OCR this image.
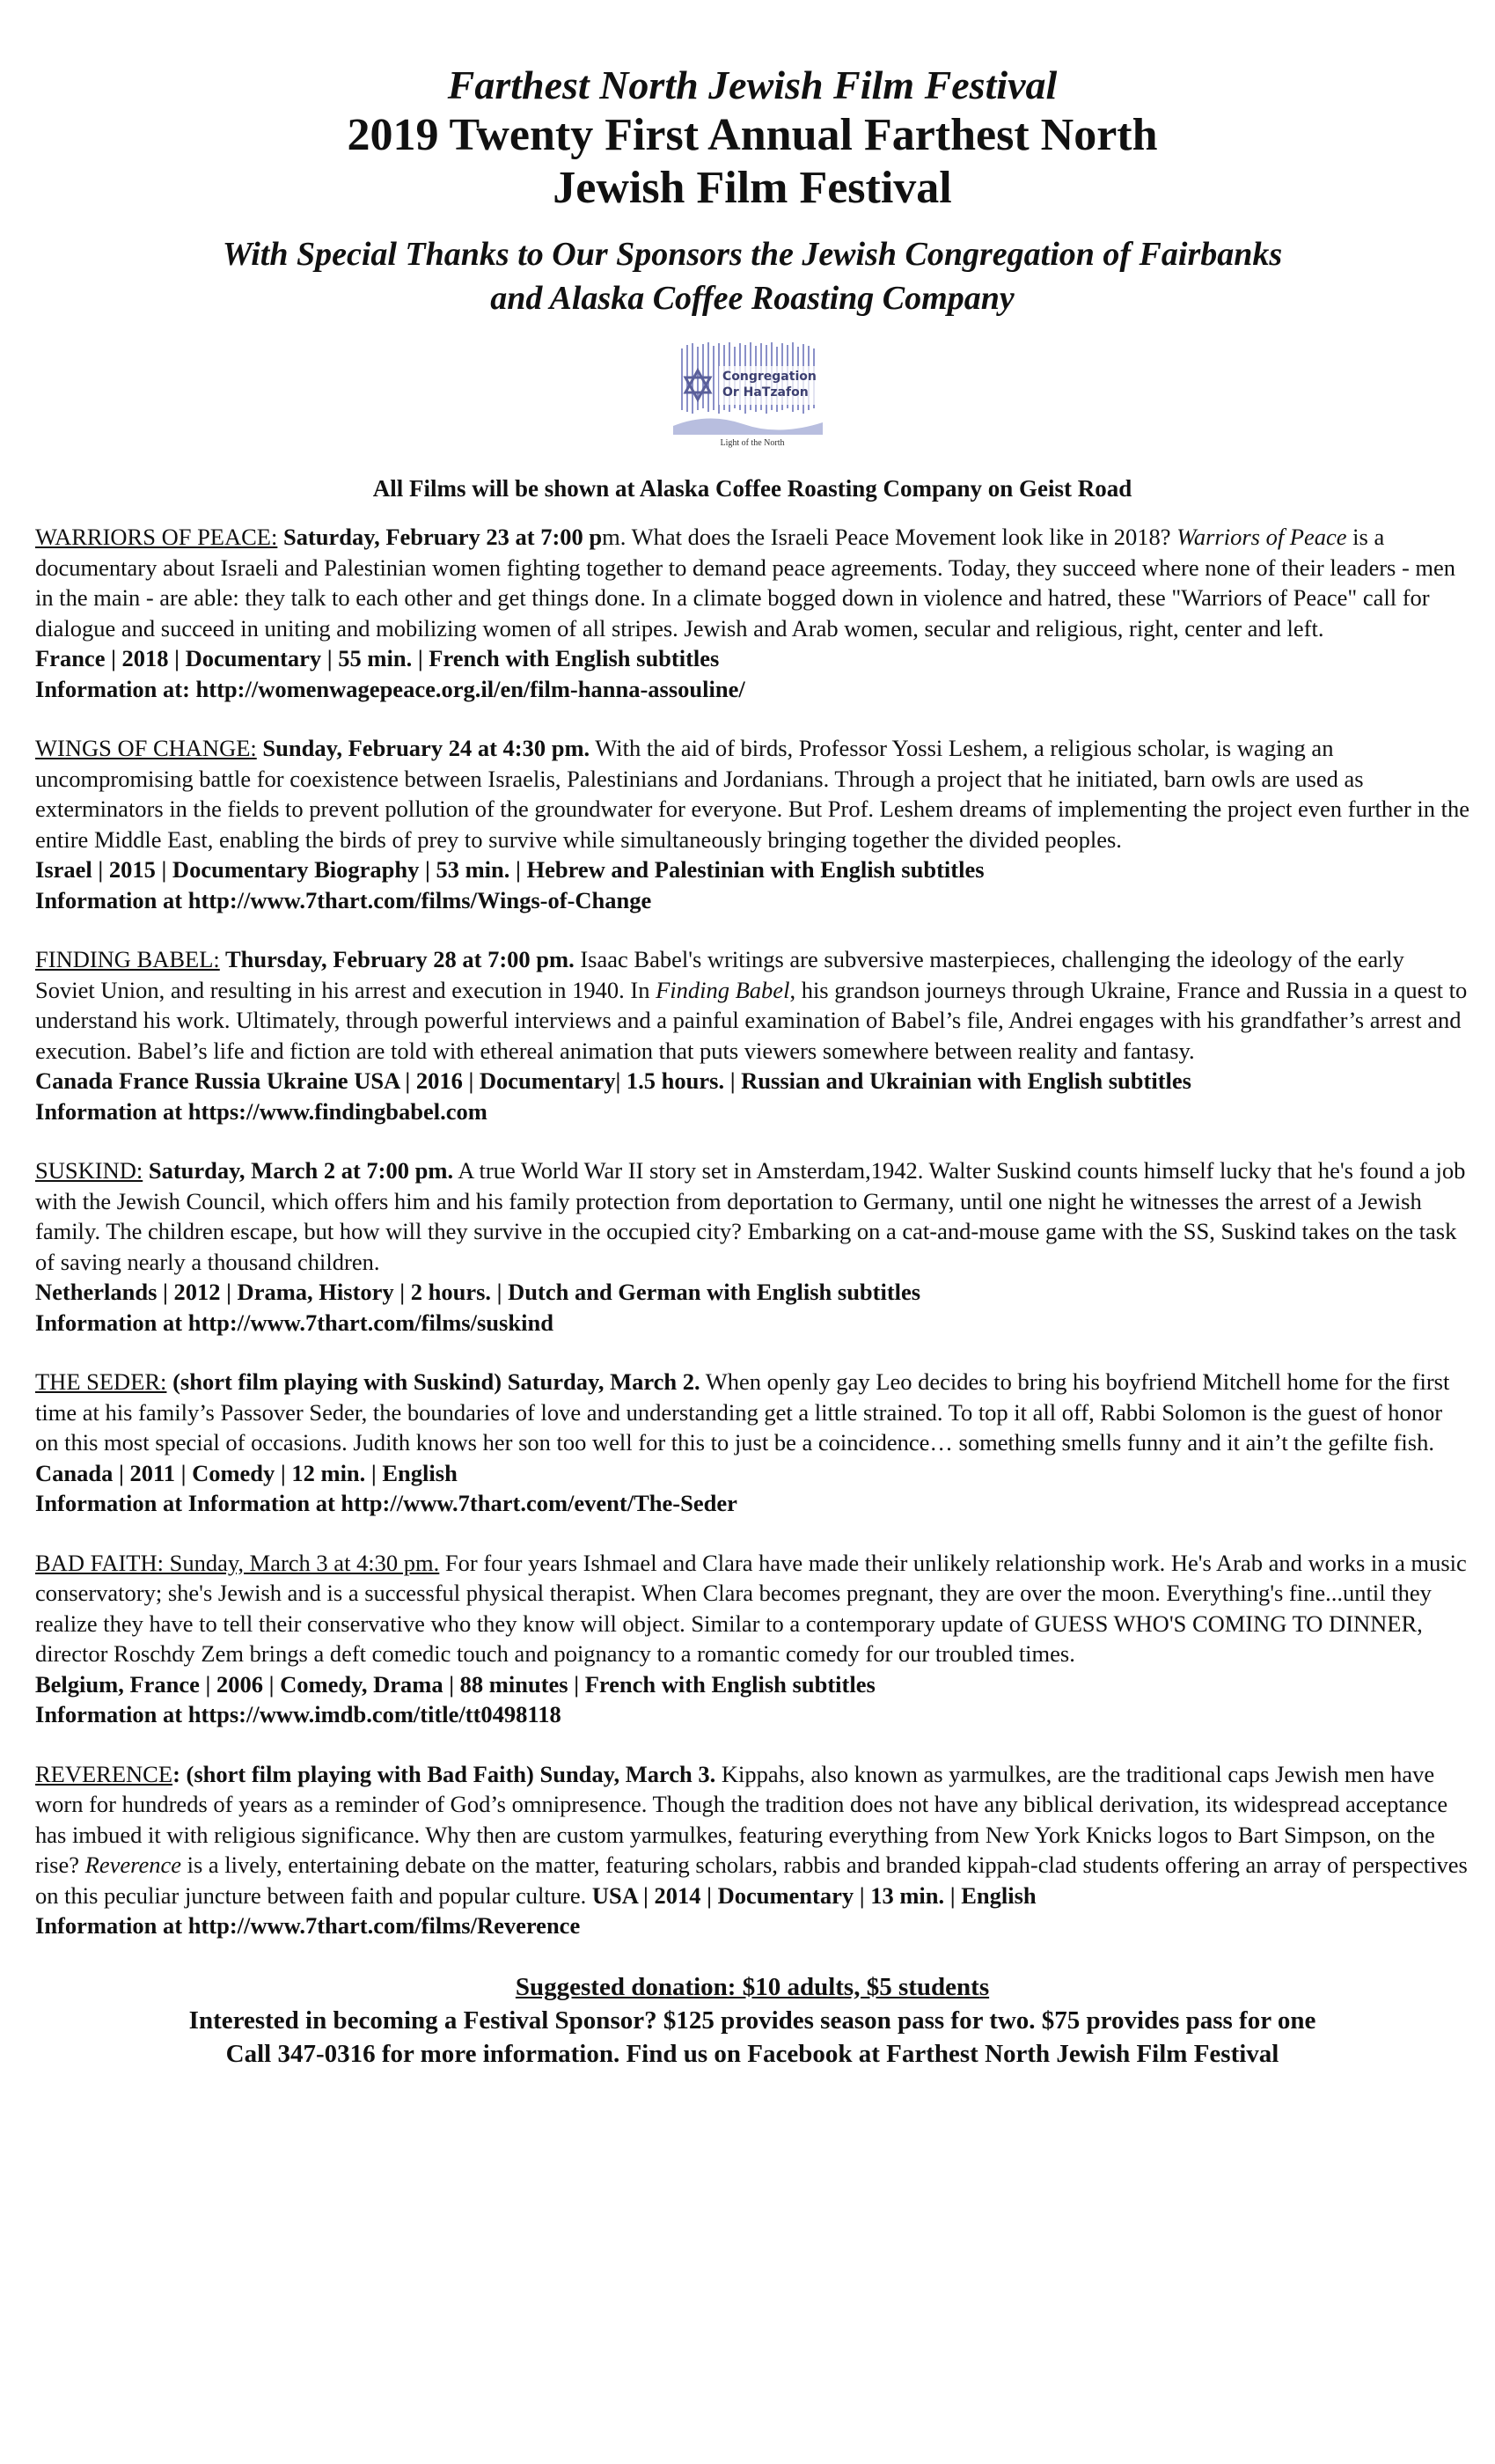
Farthest North Jewish Film Festival
2019 Twenty First Annual Farthest North
Jewish Film Festival

With Special Thanks to Our Sponsors the Jewish Congregation of Fairbanks
and Alaska Coffee Roasting Company

Congregation
Or HaTzafon
Light of the North

All Films will be shown at Alaska Coffee Roasting Company on Geist Road

WARRIORS OF PEACE: Saturday, February 23 at 7:00 pm. What does the Israeli Peace Movement look like in 2018? Warriors of Peace is a documentary about Israeli and Palestinian women fighting together to demand peace agreements. Today, they succeed where none of their leaders - men in the main - are able: they talk to each other and get things done. In a climate bogged down in violence and hatred, these "Warriors of Peace" call for dialogue and succeed in uniting and mobilizing women of all stripes. Jewish and Arab women, secular and religious, right, center and left.

France | 2018 | Documentary | 55 min. | French with English subtitles

Information at: http://womenwagepeace.org.il/en/film-hanna-assouline/

WINGS OF CHANGE: Sunday, February 24 at 4:30 pm. With the aid of birds, Professor Yossi Leshem, a religious scholar, is waging an uncompromising battle for coexistence between Israelis, Palestinians and Jordanians. Through a project that he initiated, barn owls are used as exterminators in the fields to prevent pollution of the groundwater for everyone. But Prof. Leshem dreams of implementing the project even further in the entire Middle East, enabling the birds of prey to survive while simultaneously bringing together the divided peoples.

Israel | 2015 | Documentary Biography | 53 min. | Hebrew and Palestinian with English subtitles

Information at http://www.7thart.com/films/Wings-of-Change

FINDING BABEL: Thursday, February 28 at 7:00 pm. Isaac Babel's writings are subversive masterpieces, challenging the ideology of the early Soviet Union, and resulting in his arrest and execution in 1940. In Finding Babel, his grandson journeys through Ukraine, France and Russia in a quest to understand his work. Ultimately, through powerful interviews and a painful examination of Babel’s file, Andrei engages with his grandfather’s arrest and execution. Babel’s life and fiction are told with ethereal animation that puts viewers somewhere between reality and fantasy.

Canada France Russia Ukraine USA | 2016 | Documentary| 1.5 hours. | Russian and Ukrainian with English subtitles

Information at https://www.findingbabel.com

SUSKIND: Saturday, March 2 at 7:00 pm. A true World War II story set in Amsterdam,1942. Walter Suskind counts himself lucky that he's found a job with the Jewish Council, which offers him and his family protection from deportation to Germany, until one night he witnesses the arrest of a Jewish family. The children escape, but how will they survive in the occupied city? Embarking on a cat-and-mouse game with the SS, Suskind takes on the task of saving nearly a thousand children.

Netherlands | 2012 | Drama, History | 2 hours. | Dutch and German with English subtitles

Information at http://www.7thart.com/films/suskind

THE SEDER: (short film playing with Suskind) Saturday, March 2. When openly gay Leo decides to bring his boyfriend Mitchell home for the first time at his family’s Passover Seder, the boundaries of love and understanding get a little strained. To top it all off, Rabbi Solomon is the guest of honor on this most special of occasions. Judith knows her son too well for this to just be a coincidence… something smells funny and it ain’t the gefilte fish. Canada | 2011 | Comedy | 12 min. | English

Information at Information at http://www.7thart.com/event/The-Seder

BAD FAITH: Sunday, March 3 at 4:30 pm. For four years Ishmael and Clara have made their unlikely relationship work. He's Arab and works in a music conservatory; she's Jewish and is a successful physical therapist. When Clara becomes pregnant, they are over the moon. Everything's fine...until they realize they have to tell their conservative who they know will object. Similar to a contemporary update of GUESS WHO'S COMING TO DINNER, director Roschdy Zem brings a deft comedic touch and poignancy to a romantic comedy for our troubled times.

Belgium, France | 2006 | Comedy, Drama | 88 minutes | French with English subtitles

Information at https://www.imdb.com/title/tt0498118

REVERENCE: (short film playing with Bad Faith) Sunday, March 3. Kippahs, also known as yarmulkes, are the traditional caps Jewish men have worn for hundreds of years as a reminder of God’s omnipresence. Though the tradition does not have any biblical derivation, its widespread acceptance has imbued it with religious significance. Why then are custom yarmulkes, featuring everything from New York Knicks logos to Bart Simpson, on the rise? Reverence is a lively, entertaining debate on the matter, featuring scholars, rabbis and branded kippah-clad students offering an array of perspectives on this peculiar juncture between faith and popular culture. USA | 2014 | Documentary | 13 min. | English

Information at http://www.7thart.com/films/Reverence

Suggested donation: $10 adults, $5 students
Interested in becoming a Festival Sponsor? $125 provides season pass for two. $75 provides pass for one
Call 347-0316 for more information. Find us on Facebook at Farthest North Jewish Film Festival
